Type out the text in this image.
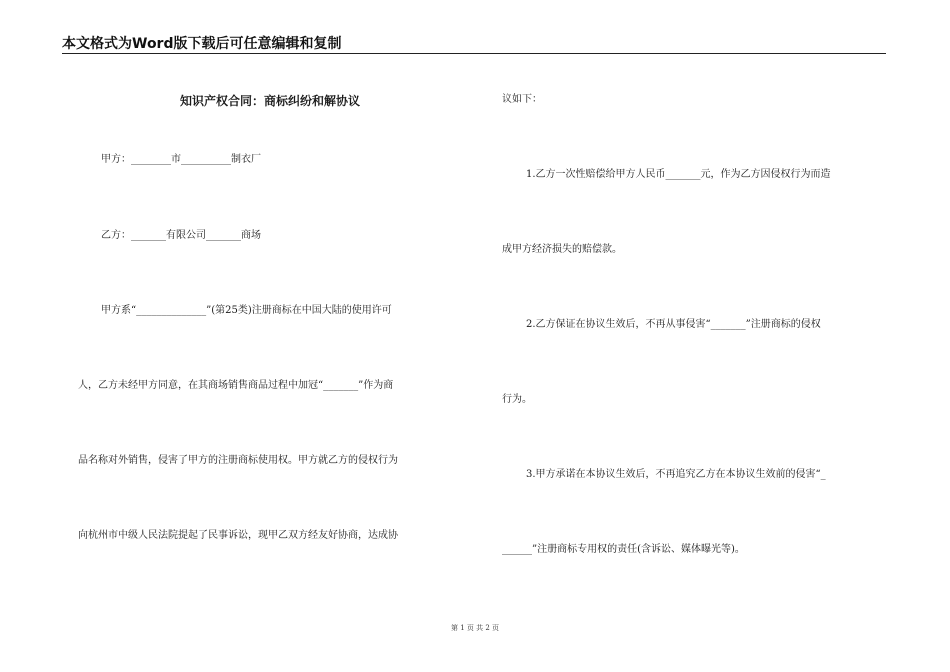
本文格式为Word版下载后可任意编辑和复制
知识产权合同：商标纠纷和解协议
甲方：________市__________制衣厂
乙方：_______有限公司_______商场
甲方系“______________”(第25类)注册商标在中国大陆的使用许可
人，乙方未经甲方同意，在其商场销售商品过程中加冠“_______”作为商
品名称对外销售，侵害了甲方的注册商标使用权。甲方就乙方的侵权行为
向杭州市中级人民法院提起了民事诉讼，现甲乙双方经友好协商，达成协
议如下：
1.乙方一次性赔偿给甲方人民币_______元，作为乙方因侵权行为而造
成甲方经济损失的赔偿款。
2.乙方保证在协议生效后，不再从事侵害“_______”注册商标的侵权
行为。
3.甲方承诺在本协议生效后，不再追究乙方在本协议生效前的侵害“_
______”注册商标专用权的责任(含诉讼、媒体曝光等)。
第 1 页 共 2 页
